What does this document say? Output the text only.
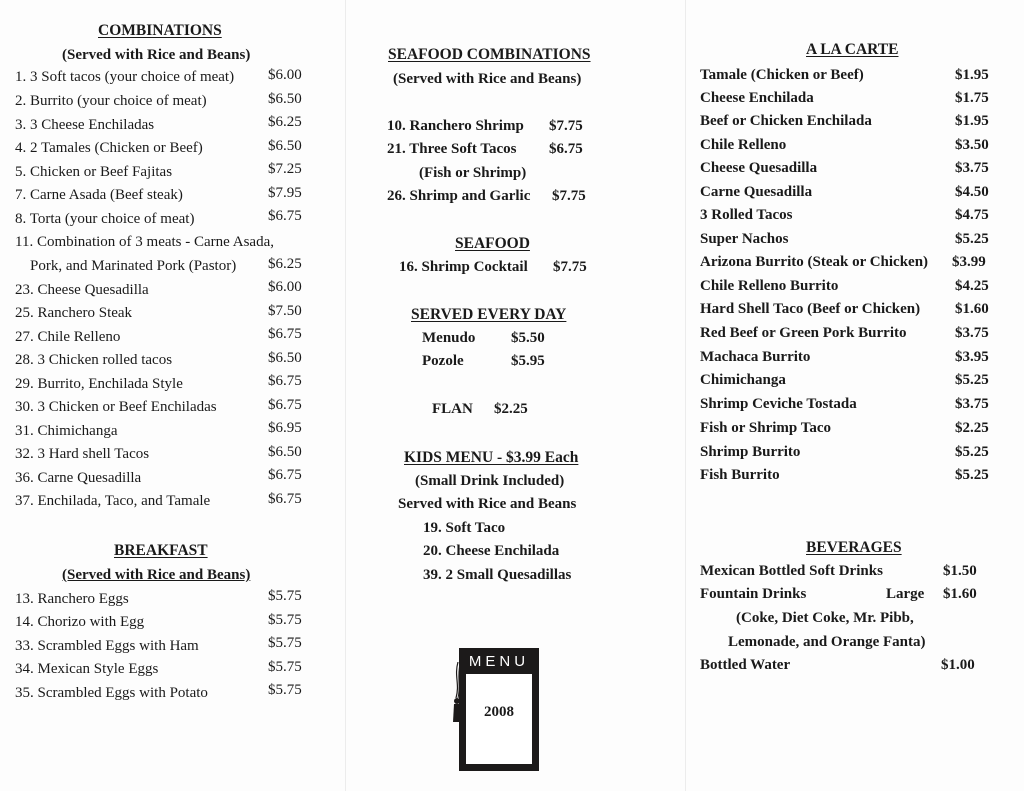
COMBINATIONS
(Served with Rice and Beans)
1. 3 Soft tacos (your choice of meat) $6.00
2. Burrito (your choice of meat)	$6.50
3. 3 Cheese Enchiladas	$6.25
4. 2 Tamales (Chicken or Beef)	$6.50
5. Chicken or Beef Fajitas	$7.25
7. Carne Asada (Beef steak)	$7.95
8. Torta (your choice of meat)	$6.75
11. Combination of 3 meats - Carne Asada,
Pork, and Marinated Pork (Pastor) $6.25
23. Cheese Quesadilla	$6.00
25. Ranchero Steak	$7.50
27. Chile Relleno	$6.75
28. 3 Chicken rolled tacos	$6.50
29. Burrito, Enchilada Style	$6.75
30. 3 Chicken or Beef Enchiladas	$6.75
31. Chimichanga	$6.95
32. 3 Hard shell Tacos	$6.50
36. Carne Quesadilla	$6.75
37. Enchilada, Taco, and Tamale	$6.75
BREAKFAST
(Served with Rice and Beans)
13. Ranchero Eggs	$5.75
14. Chorizo with Egg	$5.75
33. Scrambled Eggs with Ham	$5.75
34. Mexican Style Eggs	$5.75
35. Scrambled Eggs with Potato	$5.75
SEAFOOD COMBINATIONS
(Served with Rice and Beans)
10. Ranchero Shrimp $7.75
21. Three Soft Tacos $6.75
(Fish or Shrimp)
26. Shrimp and Garlic $7.75
SEAFOOD
16. Shrimp Cocktail $7.75
SERVED EVERY DAY
Menudo $5.50
Pozole	$5.95
FLAN $2.25
KIDS MENU - $3.99 Each
(Small Drink Included)
Served with Rice and Beans
19. Soft Taco
20. Cheese Enchilada
39. 2 Small Quesadillas
MENU
2008
A LA CARTE
Tamale (Chicken or Beef)	$1.95
Cheese Enchilada	$1.75
Beef or Chicken Enchilada	$1.95
Chile Relleno	$3.50
Cheese Quesadilla	$3.75
Carne Quesadilla	$4.50
3 Rolled Tacos	$4.75
Super Nachos	$5.25
Arizona Burrito (Steak or Chicken) $3.99
Chile Relleno Burrito	$4.25
Hard Shell Taco (Beef or Chicken) $1.60
Red Beef or Green Pork Burrito	$3.75
Machaca Burrito	$3.95
Chimichanga	$5.25
Shrimp Ceviche Tostada	$3.75
Fish or Shrimp Taco	$2.25
Shrimp Burrito	$5.25
Fish Burrito	$5.25
BEVERAGES
Mexican Bottled Soft Drinks	$1.50
Fountain Drinks	Large $1.60
(Coke, Diet Coke, Mr. Pibb,
Lemonade, and Orange Fanta)
Bottled Water	$1.00
